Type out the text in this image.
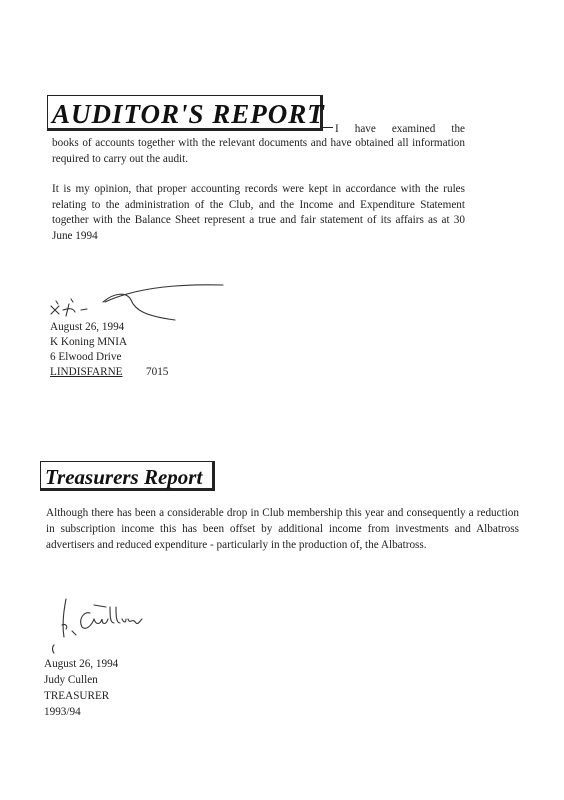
AUDITOR'S REPORT I have examined the
books of accounts together with the relevant documents and have obtained all information required to carry out the audit.
It is my opinion, that proper accounting records were kept in accordance with the rules relating to the administration of the Club, and the Income and Expenditure Statement together with the Balance Sheet represent a true and fair statement of its affairs as at 30 June 1994
August 26, 1994
K Koning MNIA
6 Elwood Drive
LINDISFARNE 7015
Treasurers Report
Although there has been a considerable drop in Club membership this year and consequently a reduction in subscription income this has been offset by additional income from investments and Albatross advertisers and reduced expenditure - particularly in the production of, the Albatross.
August 26, 1994
Judy Cullen
TREASURER
1993/94
